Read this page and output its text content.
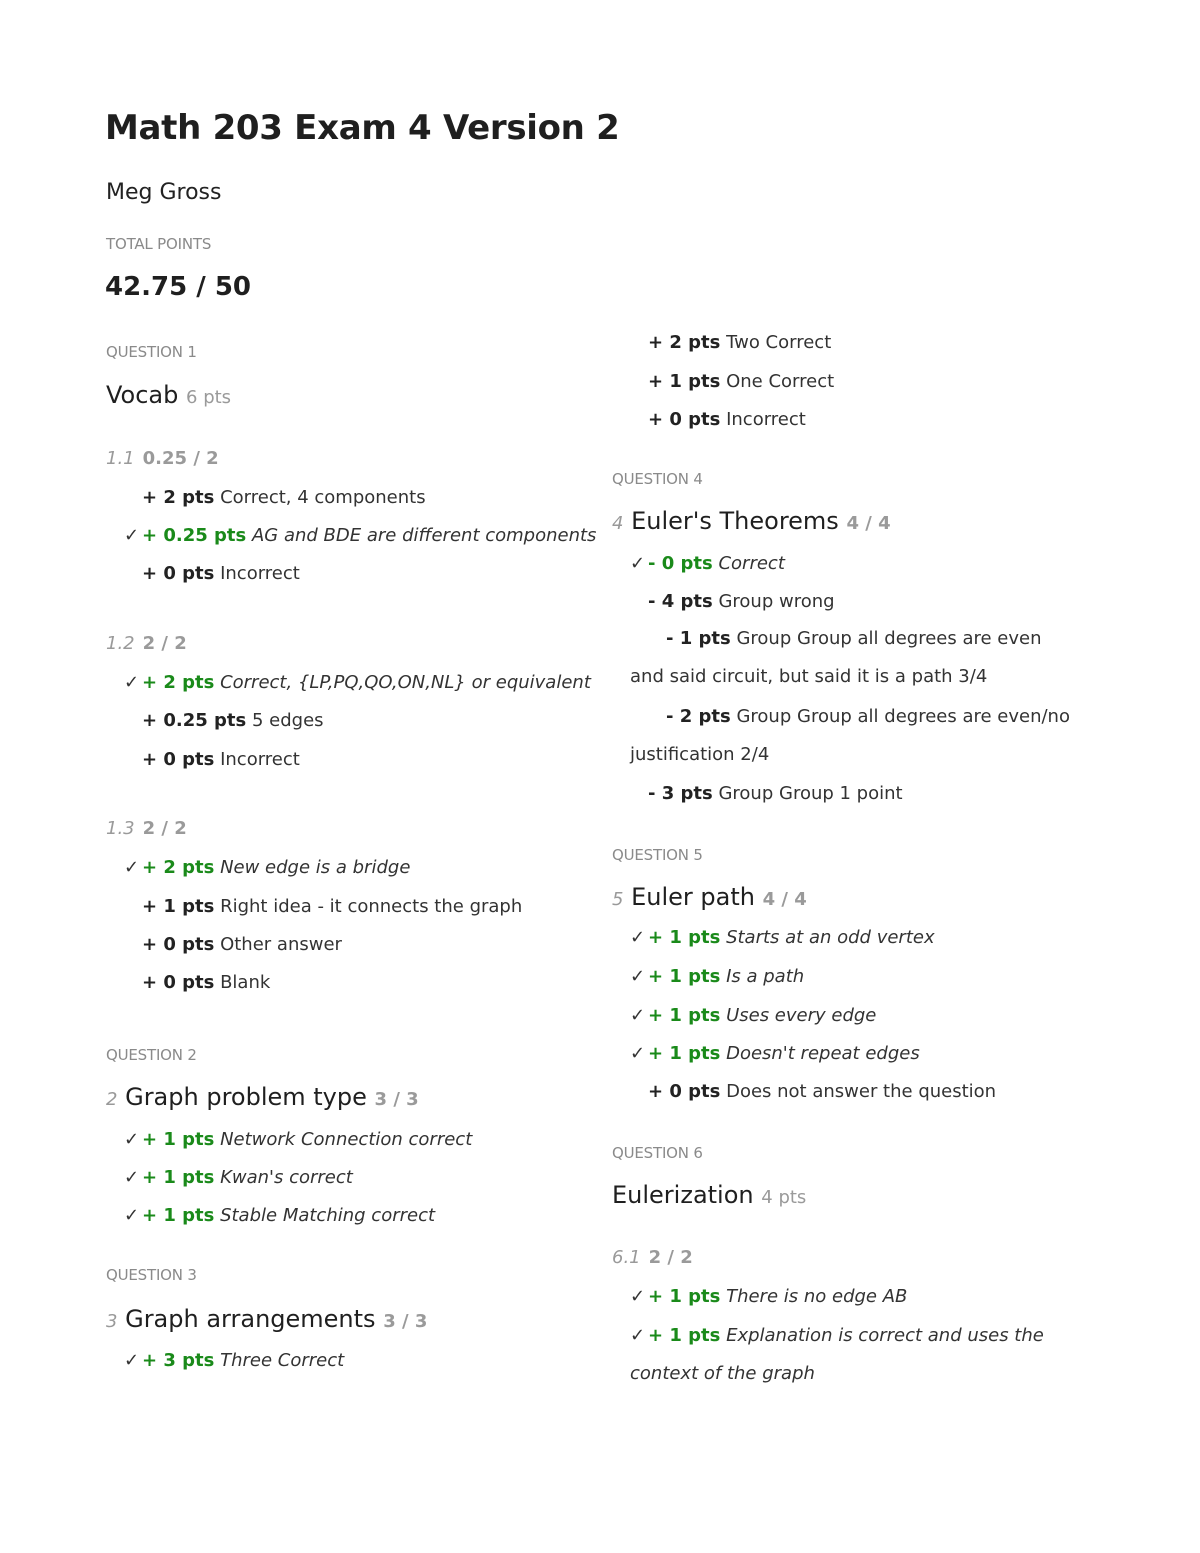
Math 203 Exam 4 Version 2
Meg Gross
TOTAL POINTS
42.75 / 50
QUESTION 1
Vocab 6 pts
1.1 0.25 / 2
+ 2 pts Correct, 4 components
✓ + 0.25 pts AG and BDE are different components
+ 0 pts Incorrect
1.2 2 / 2
✓ + 2 pts Correct, {LP,PQ,QO,ON,NL} or equivalent
+ 0.25 pts 5 edges
+ 0 pts Incorrect
1.3 2 / 2
✓ + 2 pts New edge is a bridge
+ 1 pts Right idea - it connects the graph
+ 0 pts Other answer
+ 0 pts Blank
QUESTION 2
2 Graph problem type 3 / 3
✓ + 1 pts Network Connection correct
✓ + 1 pts Kwan's correct
✓ + 1 pts Stable Matching correct
QUESTION 3
3 Graph arrangements 3 / 3
✓ + 3 pts Three Correct
+ 2 pts Two Correct
+ 1 pts One Correct
+ 0 pts Incorrect
QUESTION 4
4 Euler's Theorems 4 / 4
✓ - 0 pts Correct
- 4 pts Group wrong
- 1 pts Group Group all degrees are even and said circuit, but said it is a path 3/4
- 2 pts Group Group all degrees are even/no justification 2/4
- 3 pts Group Group 1 point
QUESTION 5
5 Euler path 4 / 4
✓ + 1 pts Starts at an odd vertex
✓ + 1 pts Is a path
✓ + 1 pts Uses every edge
✓ + 1 pts Doesn't repeat edges
+ 0 pts Does not answer the question
QUESTION 6
Eulerization 4 pts
6.1 2 / 2
✓ + 1 pts There is no edge AB
✓ + 1 pts Explanation is correct and uses the context of the graph
